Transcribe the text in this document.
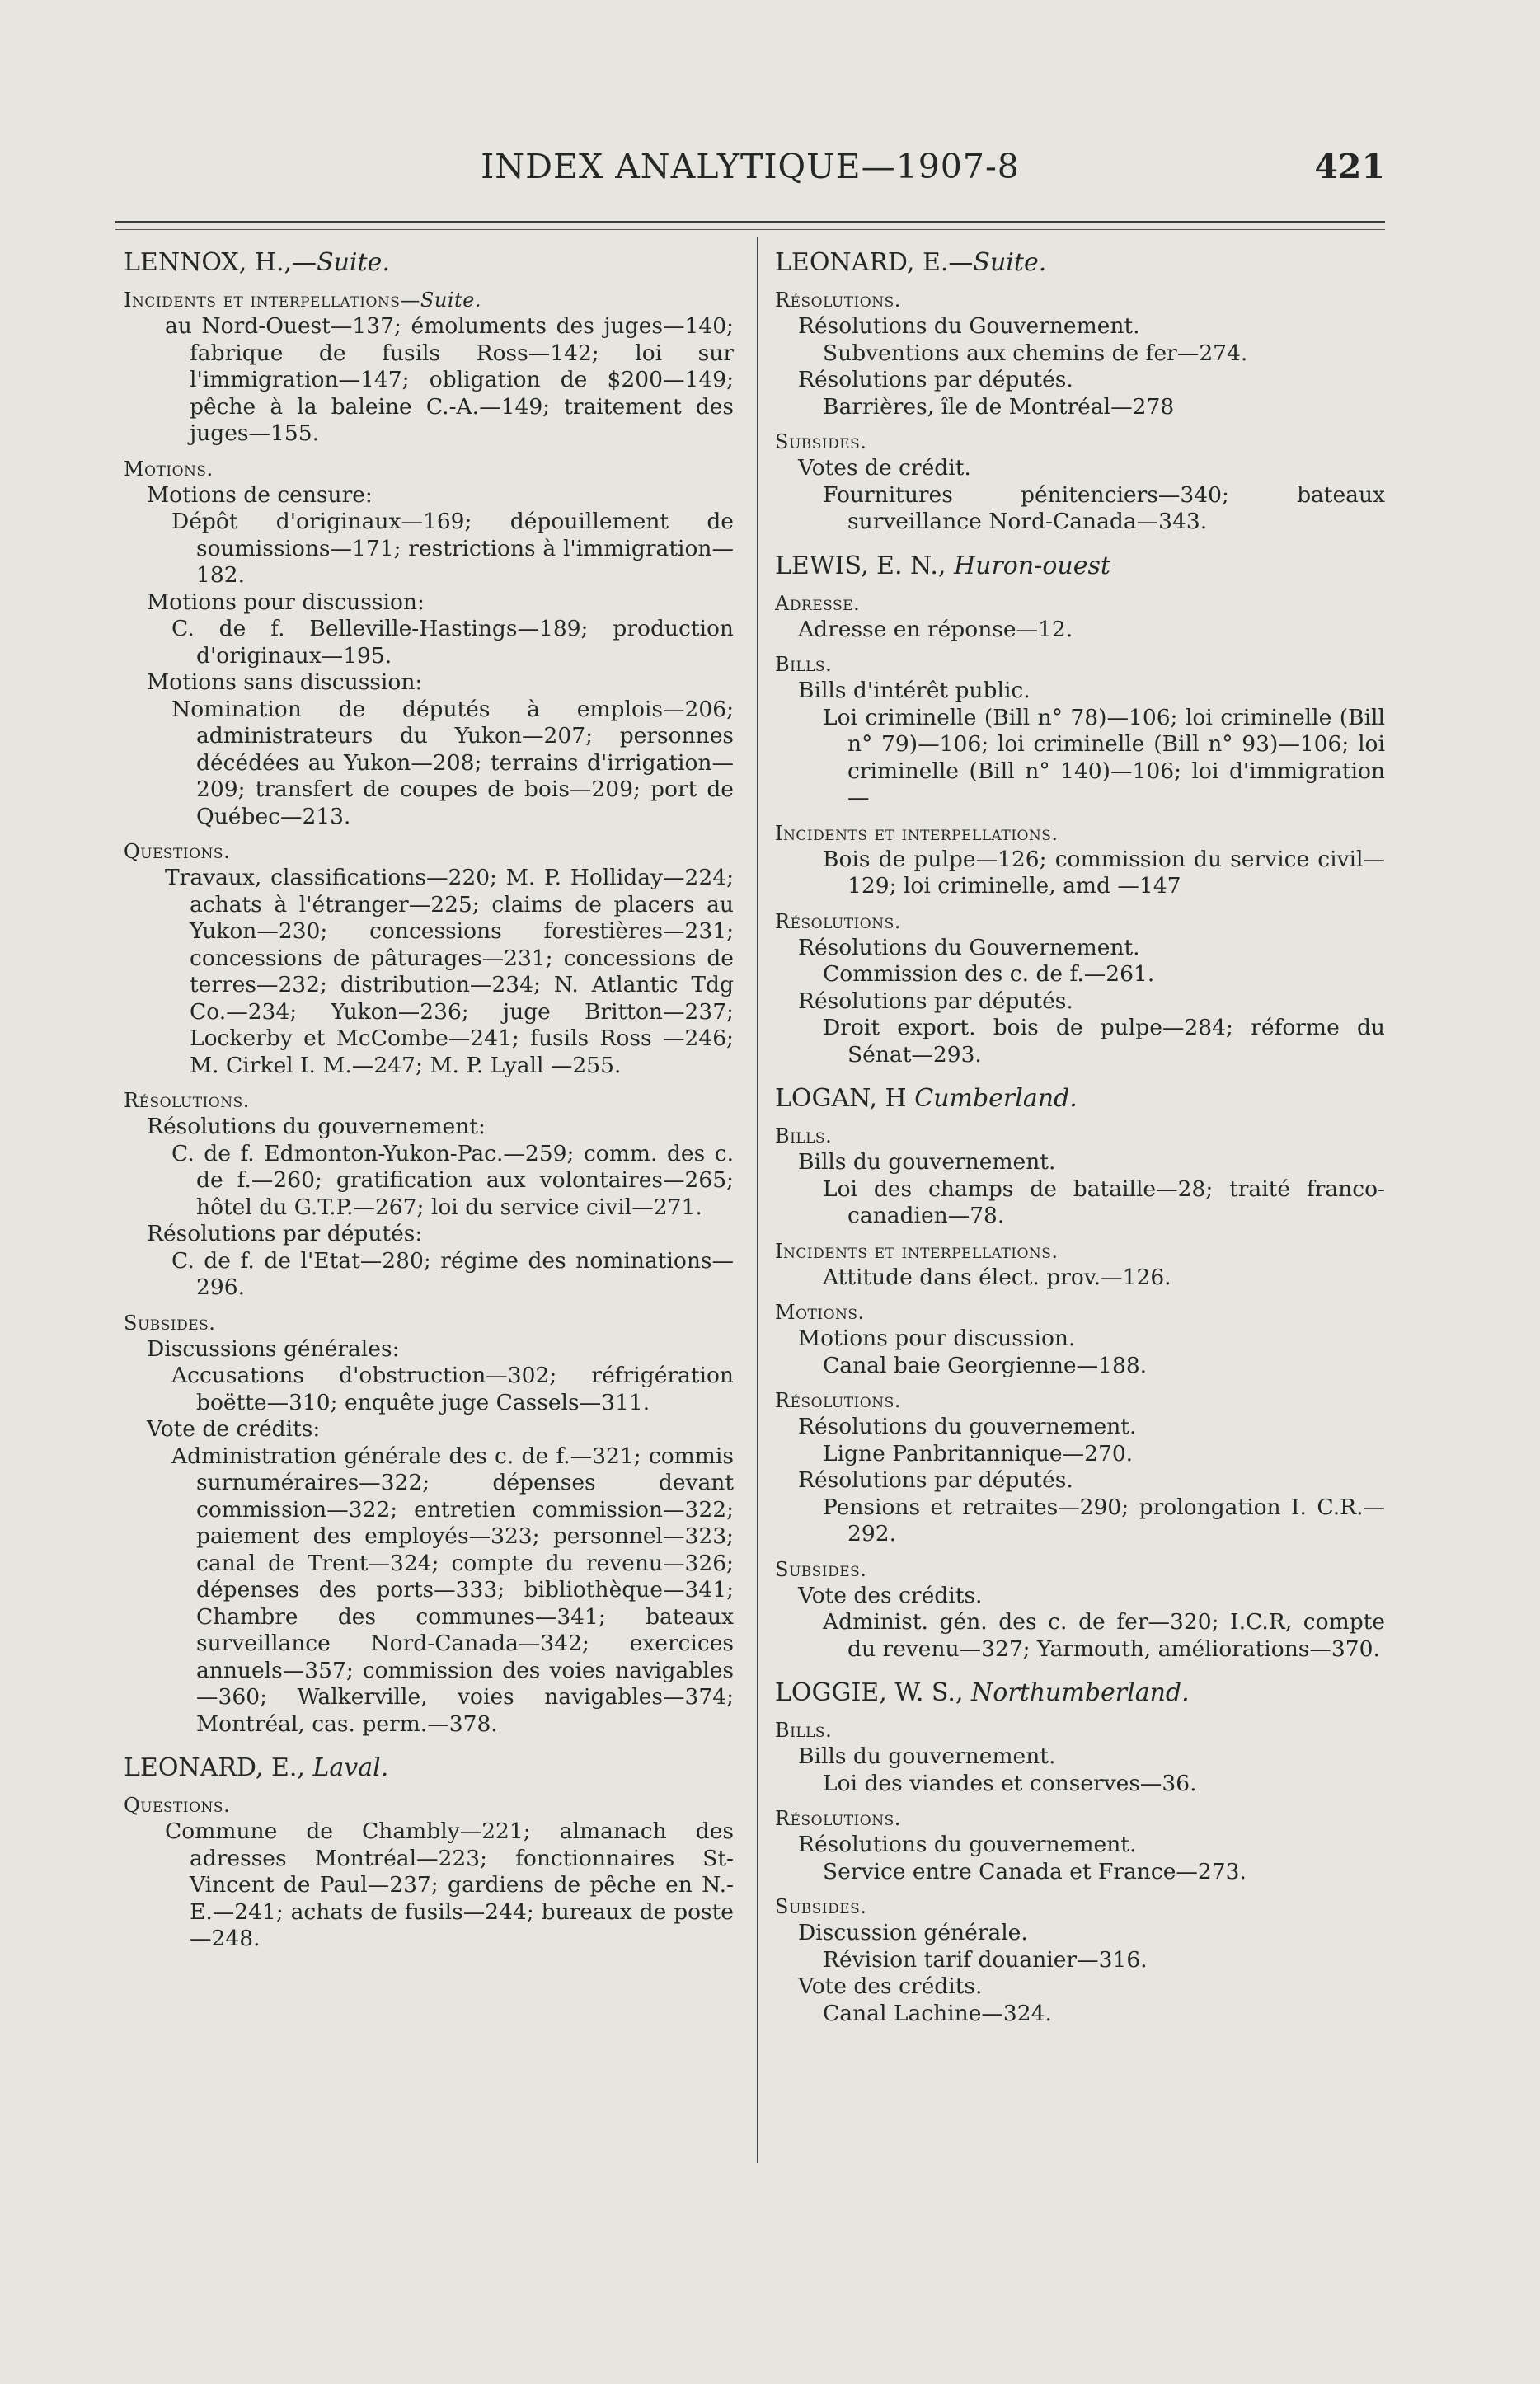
INDEX ANALYTIQUE—1907-8	421
LENNOX, H.,—Suite.
Incidents et interpellations—Suite.
au Nord-Ouest—137; émoluments des juges—140; fabrique de fusils Ross—142; loi sur l'immigration—147; obligation de $200—149; pêche à la baleine C.-A.—149; traitement des juges—155.
Motions.
Motions de censure:
Dépôt d'originaux—169; dépouillement de soumissions—171; restrictions à l'immigration—182.
Motions pour discussion:
C. de f. Belleville-Hastings—189; production d'originaux—195.
Motions sans discussion:
Nomination de députés à emplois—206; administrateurs du Yukon—207; personnes décédées au Yukon—208; terrains d'irrigation—209; transfert de coupes de bois—209; port de Québec—213.
Questions.
Travaux, classifications—220; M. P. Holliday—224; achats à l'étranger—225; claims de placers au Yukon—230; concessions forestières—231; concessions de pâturages—231; concessions de terres—232; distribution—234; N. Atlantic Tdg Co.—234; Yukon—236; juge Britton—237; Lockerby et McCombe—241; fusils Ross —246; M. Cirkel I. M.—247; M. P. Lyall —255.
Résolutions.
Résolutions du gouvernement:
C. de f. Edmonton-Yukon-Pac.—259; comm. des c. de f.—260; gratification aux volontaires—265; hôtel du G.T.P.—267; loi du service civil—271.
Résolutions par députés:
C. de f. de l'Etat—280; régime des nominations—296.
Subsides.
Discussions générales:
Accusations d'obstruction—302; réfrigération boëtte—310; enquête juge Cassels—311.
Vote de crédits:
Administration générale des c. de f.—321; commis surnuméraires—322; dépenses devant commission—322; entretien commission—322; paiement des employés—323; personnel—323; canal de Trent—324; compte du revenu—326; dépenses des ports—333; bibliothèque—341; Chambre des communes—341; bateaux surveillance Nord-Canada—342; exercices annuels—357; commission des voies navigables—360; Walkerville, voies navigables—374; Montréal, cas. perm.—378.
LEONARD, E., Laval.
Questions.
Commune de Chambly—221; almanach des adresses Montréal—223; fonctionnaires St-Vincent de Paul—237; gardiens de pêche en N.-E.—241; achats de fusils—244; bureaux de poste—248.
LEONARD, E.—Suite.
Résolutions.
Résolutions du Gouvernement.
Subventions aux chemins de fer—274.
Résolutions par députés.
Barrières, île de Montréal—278
Subsides.
Votes de crédit.
Fournitures pénitenciers—340; bateaux surveillance Nord-Canada—343.
LEWIS, E. N., Huron-ouest
Adresse.
Adresse en réponse—12.
Bills.
Bills d'intérêt public.
Loi criminelle (Bill n° 78)—106; loi criminelle (Bill n° 79)—106; loi criminelle (Bill n° 93)—106; loi criminelle (Bill n° 140)—106; loi d'immigration—
Incidents et interpellations.
Bois de pulpe—126; commission du service civil—129; loi criminelle, amd —147
Résolutions.
Résolutions du Gouvernement.
Commission des c. de f.—261.
Résolutions par députés.
Droit export. bois de pulpe—284; réforme du Sénat—293.
LOGAN, H Cumberland.
Bills.
Bills du gouvernement.
Loi des champs de bataille—28; traité franco-canadien—78.
Incidents et interpellations.
Attitude dans élect. prov.—126.
Motions.
Motions pour discussion.
Canal baie Georgienne—188.
Résolutions.
Résolutions du gouvernement.
Ligne Panbritannique—270.
Résolutions par députés.
Pensions et retraites—290; prolongation I. C.R.—292.
Subsides.
Vote des crédits.
Administ. gén. des c. de fer—320; I.C.R, compte du revenu—327; Yarmouth, améliorations—370.
LOGGIE, W. S., Northumberland.
Bills.
Bills du gouvernement.
Loi des viandes et conserves—36.
Résolutions.
Résolutions du gouvernement.
Service entre Canada et France—273.
Subsides.
Discussion générale.
Révision tarif douanier—316.
Vote des crédits.
Canal Lachine—324.
